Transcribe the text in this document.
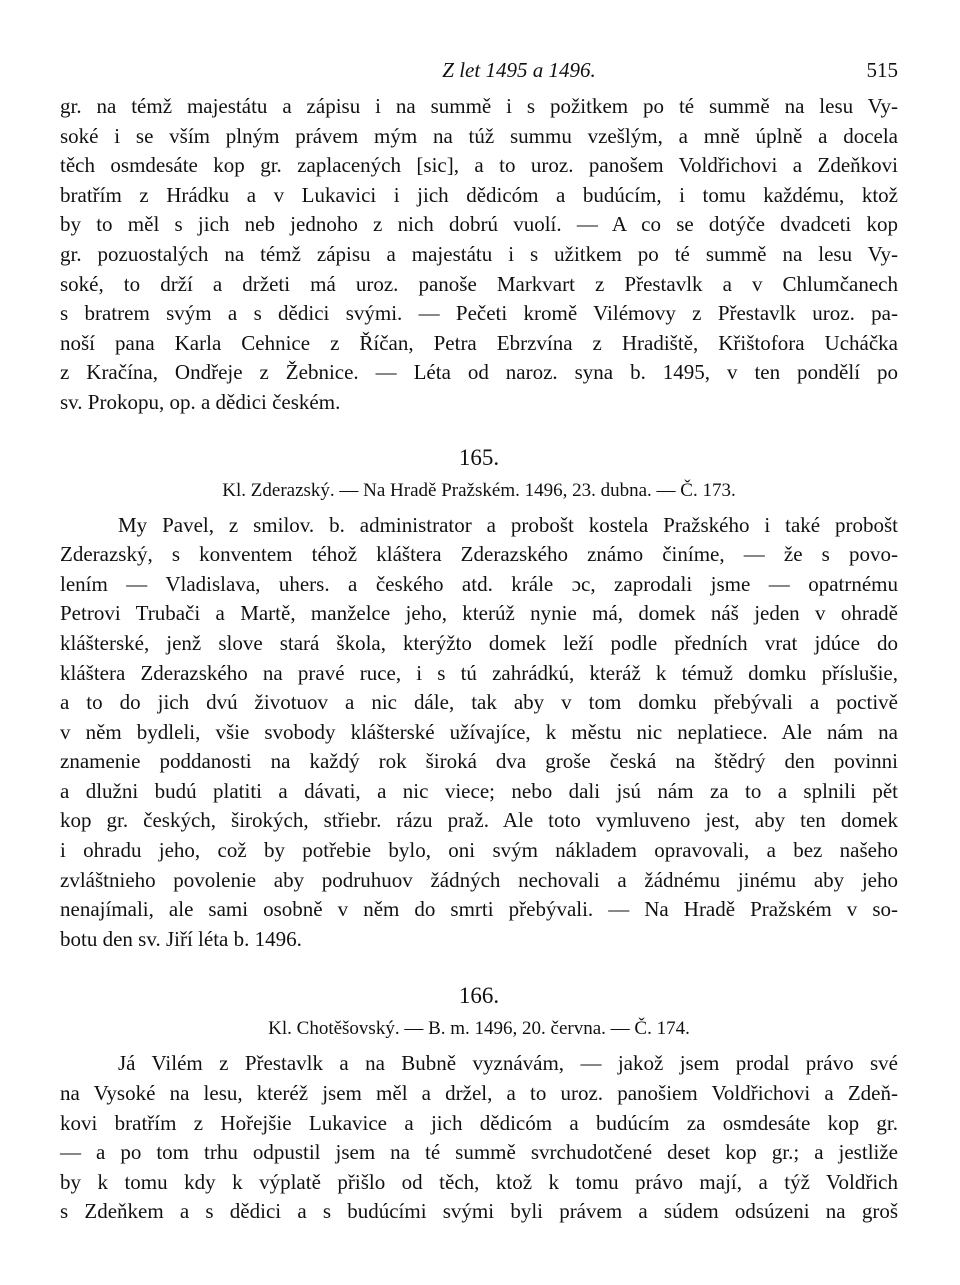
Z let 1495 a 1496.	515
gr. na témž majestátu a zápisu i na summě i s požitkem po té summě na lesu Vy-
soké i se vším plným právem mým na túž summu vzešlým, a mně úplně a docela
těch osmdesáte kop gr. zaplacených [sic], a to uroz. panošem Voldřichovi a Zdeňkovi
bratřím z Hrádku a v Lukavici i jich dědicóm a budúcím, i tomu každému, ktož
by to měl s jich neb jednoho z nich dobrú vuolí. — A co se dotýče dvadceti kop
gr. pozuostalých na témž zápisu a majestátu i s užitkem po té summě na lesu Vy-
soké, to drží a držeti má uroz. panoše Markvart z Přestavlk a v Chlumčanech
s bratrem svým a s dědici svými. — Pečeti kromě Vilémovy z Přestavlk uroz. pa-
noší pana Karla Cehnice z Říčan, Petra Ebrzvína z Hradiště, Křištofora Ucháčka
z Kračína, Ondřeje z Žebnice. — Léta od naroz. syna b. 1495, v ten pondělí po
sv. Prokopu, op. a dědici českém.
165.
Kl. Zderazský. — Na Hradě Pražském. 1496, 23. dubna. — Č. 173.
My Pavel, z smilov. b. administrator a probošt kostela Pražského i také probošt
Zderazský, s konventem téhož kláštera Zderazského známo činíme, — že s povo-
lením — Vladislava, uhers. a českého atd. krále ɔc, zaprodali jsme — opatrnému
Petrovi Trubači a Martě, manželce jeho, kterúž nynie má, domek náš jeden v ohradě
klášterské, jenž slove stará škola, kterýžto domek leží podle předních vrat jdúce do
kláštera Zderazského na pravé ruce, i s tú zahrádkú, kteráž k témuž domku příslušie,
a to do jich dvú životuov a nic dále, tak aby v tom domku přebývali a poctivě
v něm bydleli, všie svobody klášterské užívajíce, k městu nic neplatiece. Ale nám na
znamenie poddanosti na každý rok široká dva groše česká na štědrý den povinni
a dlužni budú platiti a dávati, a nic viece; nebo dali jsú nám za to a splnili pět
kop gr. českých, širokých, střiebr. rázu praž. Ale toto vymluveno jest, aby ten domek
i ohradu jeho, což by potřebie bylo, oni svým nákladem opravovali, a bez našeho
zvláštnieho povolenie aby podruhuov žádných nechovali a žádnému jinému aby jeho
nenajímali, ale sami osobně v něm do smrti přebývali. — Na Hradě Pražském v so-
botu den sv. Jiří léta b. 1496.
166.
Kl. Chotěšovský. — B. m. 1496, 20. června. — Č. 174.
Já Vilém z Přestavlk a na Bubně vyznávám, — jakož jsem prodal právo své
na Vysoké na lesu, kteréž jsem měl a držel, a to uroz. panošiem Voldřichovi a Zdeň-
kovi bratřím z Hořejšie Lukavice a jich dědicóm a budúcím za osmdesáte kop gr.
— a po tom trhu odpustil jsem na té summě svrchudotčené deset kop gr.; a jestliže
by k tomu kdy k výplatě přišlo od těch, ktož k tomu právo mají, a týž Voldřich
s Zdeňkem a s dědici a s budúcími svými byli právem a súdem odsúzeni na groš
